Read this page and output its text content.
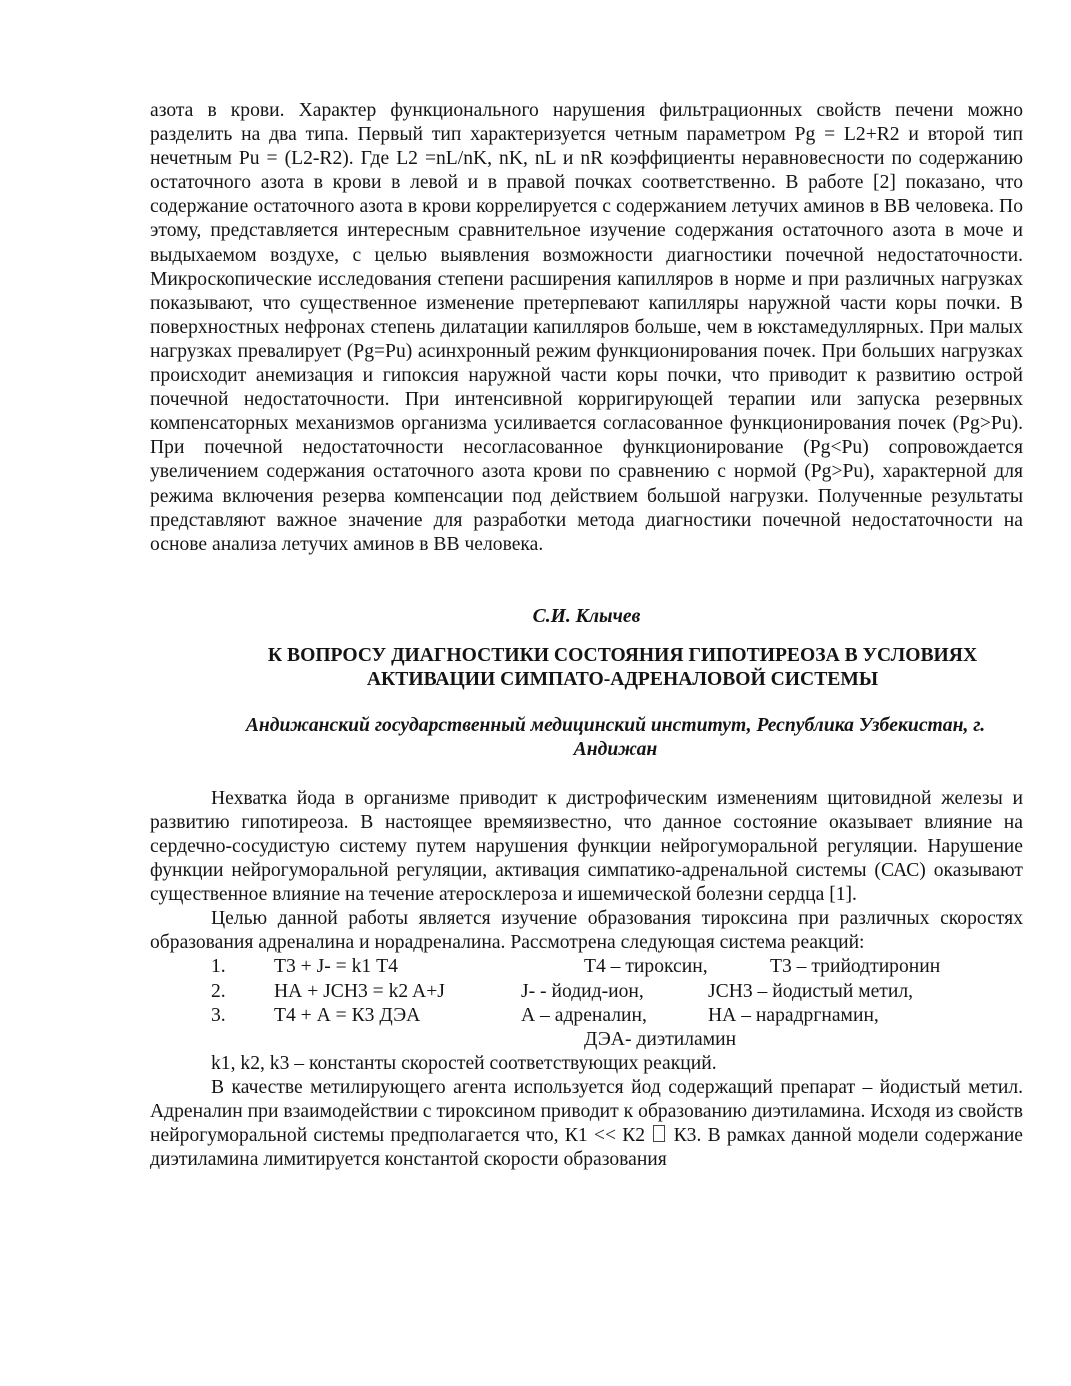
азота в крови. Характер функционального нарушения фильтрационных свойств печени можно разделить на два типа. Первый тип характеризуется четным параметром Pg = L2+R2 и второй тип нечетным Pu = (L2-R2). Где L2 =nL/nK, nK, nL и nR коэффициенты неравновесности по содержанию остаточного азота в крови в левой и в правой почках соответственно. В работе [2] показано, что содержание остаточного азота в крови коррелируется с содержанием летучих аминов в ВВ человека. По этому, представляется интересным сравнительное изучение содержания остаточного азота в моче и выдыхаемом воздухе, с целью выявления возможности диагностики почечной недостаточности. Микроскопические исследования степени расширения капилляров в норме и при различных нагрузках показывают, что существенное изменение претерпевают капилляры наружной части коры почки. В поверхностных нефронах степень дилатации капилляров больше, чем в юкстамедуллярных. При малых нагрузках превалирует (Pg=Pu) асинхронный режим функционирования почек. При больших нагрузках происходит анемизация и гипоксия наружной части коры почки, что приводит к развитию острой почечной недостаточности. При интенсивной корригирующей терапии или запуска резервных компенсаторных механизмов организма усиливается согласованное функционирования почек (Pg>Pu). При почечной недостаточности несогласованное функционирование (Pg<Pu) сопровождается увеличением содержания остаточного азота крови по сравнению с нормой (Pg>Pu), характерной для режима включения резерва компенсации под действием большой нагрузки. Полученные результаты представляют важное значение для разработки метода диагностики почечной недостаточности на основе анализа летучих аминов в ВВ человека.

С.И. Клычев
К ВОПРОСУ ДИАГНОСТИКИ СОСТОЯНИЯ ГИПОТИРЕОЗА В УСЛОВИЯХ
АКТИВАЦИИ СИМПАТО-АДРЕНАЛОВОЙ СИСТЕМЫ
Андижанский государственный медицинский институт, Республика Узбекистан, г.
Андижан

Нехватка йода в организме приводит к дистрофическим изменениям щитовидной железы и развитию гипотиреоза. В настоящее времяизвестно, что данное состояние оказывает влияние на сердечно-сосудистую систему путем нарушения функции нейрогуморальной регуляции. Нарушение функции нейрогуморальной регуляции, активация симпатико-адренальной системы (САС) оказывают существенное влияние на течение атеросклероза и ишемической болезни сердца [1].

Целью данной работы является изучение образования тироксина при различных скоростях образования адреналина и норадреналина. Рассмотрена следующая система реакций:

1. Т3 + J- = k1 Т4	Т4 – тироксин,	Т3 – трийодтиронин
2. НА + JCH3 = k2 A+J	J- - йодид-ион,	JCH3 – йодистый метил,
3. Т4 + А = К3 ДЭА	А – адреналин,	НА – нарадргнамин,
ДЭА- диэтиламин
k1, k2, k3 – константы скоростей соответствующих реакций.

В качестве метилирующего агента используется йод содержащий препарат – йодистый метил. Адреналин при взаимодействии с тироксином приводит к образованию диэтиламина. Исходя из свойств нейрогуморальной системы предполагается что, К1 << К2 К3. В рамках данной модели содержание диэтиламина лимитируется константой скорости образования
